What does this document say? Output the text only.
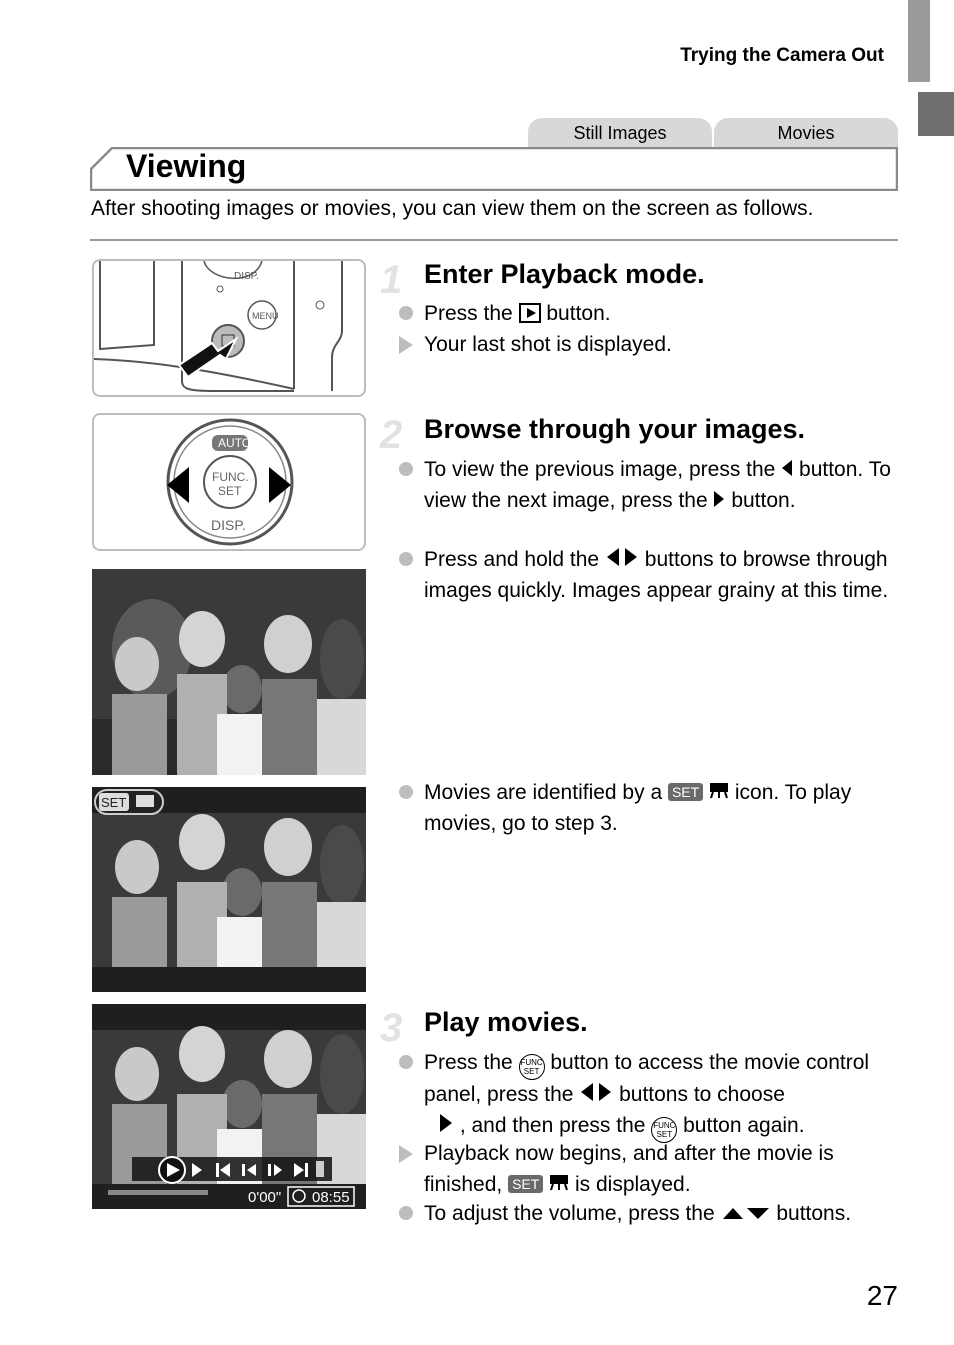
Trying the Camera Out
Still Images	Movies
Viewing
After shooting images or movies, you can view them on the screen as follows.
DISP.
MENU
AUTO
FUNC.
SET
DISP.
SET
0'00" 08:55
1 Enter Playback mode.
Press the  button.
Your last shot is displayed.
2 Browse through your images.
To view the previous image, press the  button. To view the next image, press the  button.
Press and hold the  buttons to browse through images quickly. Images appear grainy at this time.
Movies are identified by a SET  icon. To play movies, go to step 3.
3 Play movies.
Press the FUNC
SET button to access the movie control panel, press the  buttons to choose
, and then press the FUNC
SET button again.
Playback now begins, and after the movie is finished, SET  is displayed.
To adjust the volume, press the  buttons.
27
